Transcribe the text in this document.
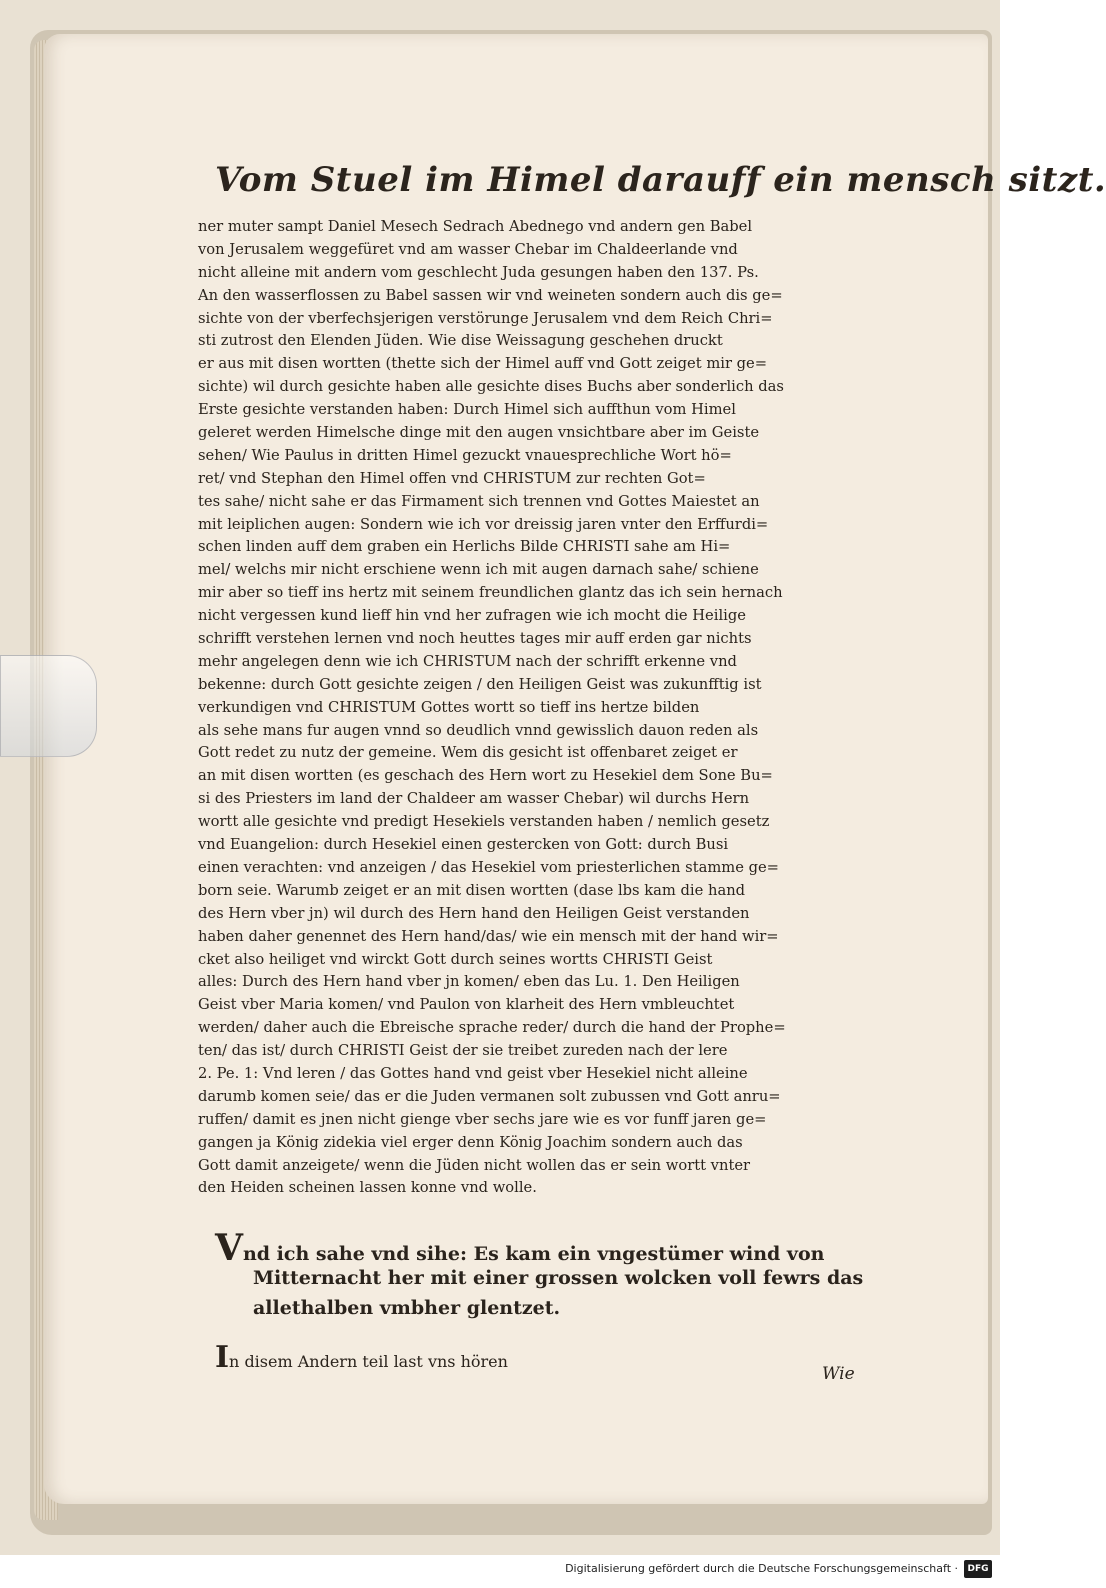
Vom Stuel im Himel darauff ein mensch sitzt.
ner muter sampt Daniel Mesech Sedrach Abednego vnd andern gen Babel
von Jerusalem weggefüret vnd am wasser Chebar im Chaldeerlande vnd
nicht alleine mit andern vom geschlecht Juda gesungen haben den 137. Ps.
An den wasserflossen zu Babel sassen wir vnd weineten sondern auch dis ge=
sichte von der vberfechsjerigen verstörunge Jerusalem vnd dem Reich Chri=
sti zutrost den Elenden Jüden. Wie dise Weissagung geschehen druckt
er aus mit disen wortten (thette sich der Himel auff vnd Gott zeiget mir ge=
sichte) wil durch gesichte haben alle gesichte dises Buchs aber sonderlich das
Erste gesichte verstanden haben: Durch Himel sich auffthun vom Himel
geleret werden Himelsche dinge mit den augen vnsichtbare aber im Geiste
sehen/ Wie Paulus in dritten Himel gezuckt vnauesprechliche Wort hö=
ret/ vnd Stephan den Himel offen vnd CHRISTUM zur rechten Got=
tes sahe/ nicht sahe er das Firmament sich trennen vnd Gottes Maiestet an
mit leiplichen augen: Sondern wie ich vor dreissig jaren vnter den Erffurdi=
schen linden auff dem graben ein Herlichs Bilde CHRISTI sahe am Hi=
mel/ welchs mir nicht erschiene wenn ich mit augen darnach sahe/ schiene
mir aber so tieff ins hertz mit seinem freundlichen glantz das ich sein hernach
nicht vergessen kund lieff hin vnd her zufragen wie ich mocht die Heilige
schrifft verstehen lernen vnd noch heuttes tages mir auff erden gar nichts
mehr angelegen denn wie ich CHRISTUM nach der schrifft erkenne vnd
bekenne: durch Gott gesichte zeigen / den Heiligen Geist was zukunfftig ist
verkundigen vnd CHRISTUM Gottes wortt so tieff ins hertze bilden
als sehe mans fur augen vnnd so deudlich vnnd gewisslich dauon reden als
Gott redet zu nutz der gemeine. Wem dis gesicht ist offenbaret zeiget er
an mit disen wortten (es geschach des Hern wort zu Hesekiel dem Sone Bu=
si des Priesters im land der Chaldeer am wasser Chebar) wil durchs Hern
wortt alle gesichte vnd predigt Hesekiels verstanden haben / nemlich gesetz
vnd Euangelion: durch Hesekiel einen gestercken von Gott: durch Busi
einen verachten: vnd anzeigen / das Hesekiel vom priesterlichen stamme ge=
born seie. Warumb zeiget er an mit disen wortten (dase lbs kam die hand
des Hern vber jn) wil durch des Hern hand den Heiligen Geist verstanden
haben daher genennet des Hern hand/das/ wie ein mensch mit der hand wir=
cket also heiliget vnd wirckt Gott durch seines wortts CHRISTI Geist
alles: Durch des Hern hand vber jn komen/ eben das Lu. 1. Den Heiligen
Geist vber Maria komen/ vnd Paulon von klarheit des Hern vmbleuchtet
werden/ daher auch die Ebreische sprache reder/ durch die hand der Prophe=
ten/ das ist/ durch CHRISTI Geist der sie treibet zureden nach der lere
2. Pe. 1: Vnd leren / das Gottes hand vnd geist vber Hesekiel nicht alleine
darumb komen seie/ das er die Juden vermanen solt zubussen vnd Gott anru=
ruffen/ damit es jnen nicht gienge vber sechs jare wie es vor funff jaren ge=
gangen ja König zidekia viel erger denn König Joachim sondern auch das
Gott damit anzeigete/ wenn die Jüden nicht wollen das er sein wortt vnter
den Heiden scheinen lassen konne vnd wolle.
Vnd ich sahe vnd sihe: Es kam ein vngestümer wind von
Mitternacht her mit einer grossen wolcken voll fewrs das
allethalben vmbher glentzet.
In disem Andern teil last vns hören
Wie
Digitalisierung gefördert durch die Deutsche Forschungsgemeinschaft ·	DFG
